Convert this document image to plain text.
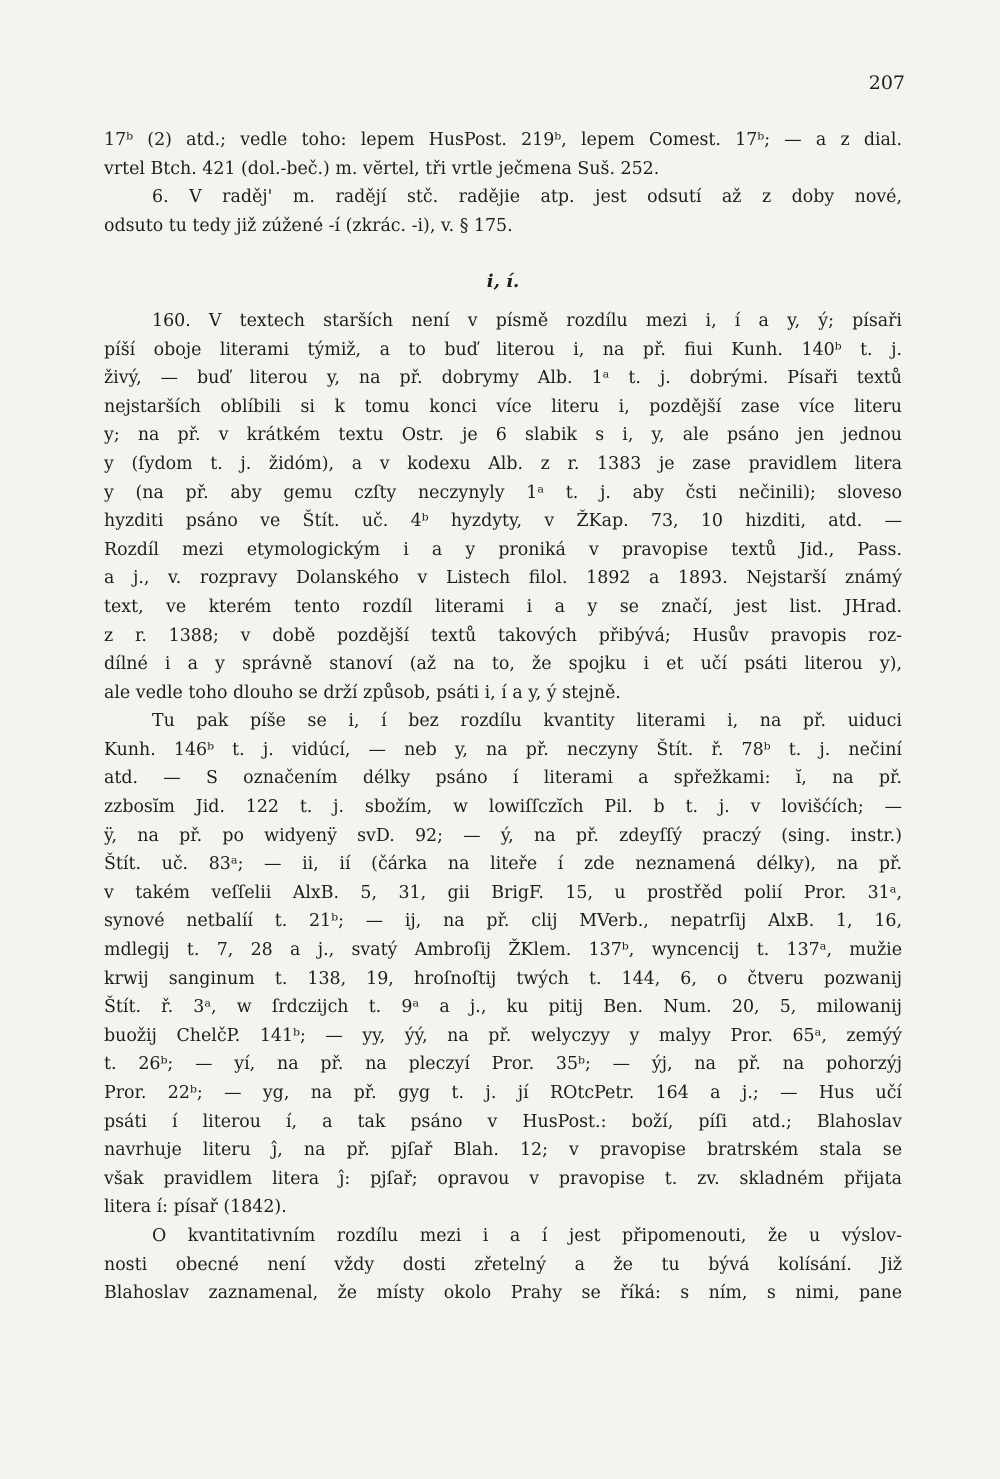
207
17ᵇ (2) atd.; vedle toho: lepem HusPost. 219ᵇ, lepem Comest. 17ᵇ; — a z dial.
vrtel Btch. 421 (dol.-beč.) m. vĕrtel, tři vrtle ječmena Suš. 252.
6. V raděj' m. radějí stč. radějie atp. jest odsutí až z doby nové,
odsuto tu tedy již zúžené -í (zkrác. -i), v. § 175.
i, í.
160. V textech starších není v písmě rozdílu mezi i, í a y, ý; písaři
píší oboje literami týmiž, a to buď literou i, na př. fiui Kunh. 140ᵇ t. j.
živý, — buď literou y, na př. dobrymy Alb. 1ᵃ t. j. dobrými. Písaři textů
nejstarších oblíbili si k tomu konci více literu i, pozdější zase více literu
y; na př. v krátkém textu Ostr. je 6 slabik s i, y, ale psáno jen jednou
y (ſydom t. j. židóm), a v kodexu Alb. z r. 1383 je zase pravidlem litera
y (na př. aby gemu czſty neczynyly 1ᵃ t. j. aby čsti nečinili); sloveso
hyzditi psáno ve Štít. uč. 4ᵇ hyzdyty, v ŽKap. 73, 10 hizditi, atd. —
Rozdíl mezi etymologickým i a y proniká v pravopise textů Jid., Pass.
a j., v. rozpravy Dolanského v Listech filol. 1892 a 1893. Nejstarší známý
text, ve kterém tento rozdíl literami i a y se značí, jest list. JHrad.
z r. 1388; v době pozdější textů takových přibývá; Husův pravopis roz-
dílné i a y správně stanoví (až na to, že spojku i et učí psáti literou y),
ale vedle toho dlouho se drží způsob, psáti i, í a y, ý stejně.
Tu pak píše se i, í bez rozdílu kvantity literami i, na př. uiduci
Kunh. 146ᵇ t. j. vidúcí, — neb y, na př. neczyny Štít. ř. 78ᵇ t. j. nečiní
atd. — S označením délky psáno í literami a spřežkami: ĭ, na př.
zzbosĭm Jid. 122 t. j. sbožím, w lowiſſczĭch Pil. b t. j. v lovišćích; —
ÿ, na př. po widyenÿ svD. 92; — ý, na př. zdeyſſý praczý (sing. instr.)
Štít. uč. 83ᵃ; — ii, ií (čárka na liteře í zde neznamená délky), na př.
v takém veſſelii AlxB. 5, 31, gii BrigF. 15, u prostřěd polií Pror. 31ᵃ,
synové netbalíí t. 21ᵇ; — ij, na př. clij MVerb., nepatrſij AlxB. 1, 16,
mdlegij t. 7, 28 a j., svatý Ambroſij ŽKlem. 137ᵇ, wyncencij t. 137ᵃ, mužie
krwij sanginum t. 138, 19, hroſnoſtij twých t. 144, 6, o čtveru pozwanij
Štít. ř. 3ᵃ, w ſrdczijch t. 9ᵃ a j., ku pitij Ben. Num. 20, 5, milowanij
buožij ChelčP. 141ᵇ; — yy, ýý, na př. welyczyy y malyy Pror. 65ᵃ, zemýý
t. 26ᵇ; — yí, na př. na pleczyí Pror. 35ᵇ; — ýj, na př. na pohorzýj
Pror. 22ᵇ; — yg, na př. gyg t. j. jí RОtcPetr. 164 a j.; — Hus učí
psáti í literou í, a tak psáno v HusPost.: boží, píſi atd.; Blahoslav
navrhuje literu ĵ, na př. pjſař Blah. 12; v pravopise bratrském stala se
však pravidlem litera ĵ: pjſař; opravou v pravopise t. zv. skladném přijata
litera í: písař (1842).
O kvantitativním rozdílu mezi i a í jest připomenouti, že u výslov-
nosti obecné není vždy dosti zřetelný a že tu bývá kolísání. Již
Blahoslav zaznamenal, že místy okolo Prahy se říká: s ním, s nimi, pane
